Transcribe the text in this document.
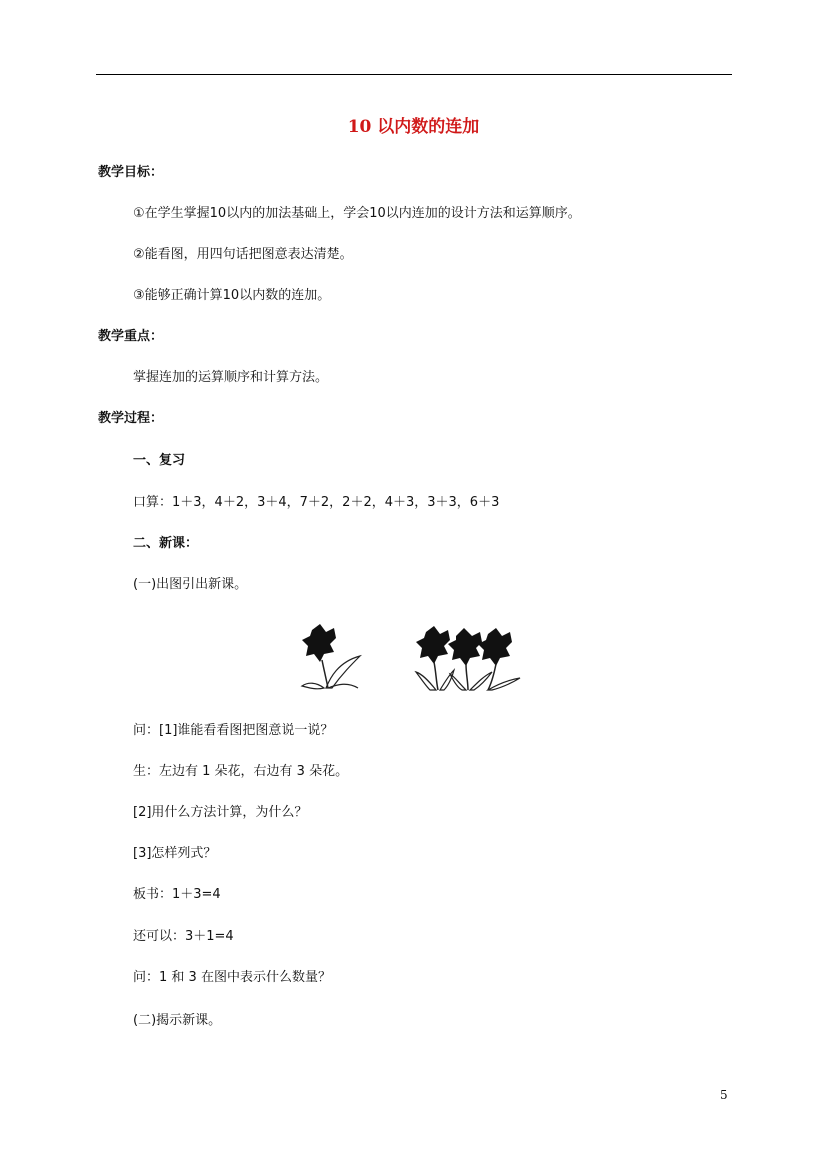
10 以内数的连加
教学目标：
①在学生掌握10以内的加法基础上，学会10以内连加的设计方法和运算顺序。
②能看图，用四句话把图意表达清楚。
③能够正确计算10以内数的连加。
教学重点：
掌握连加的运算顺序和计算方法。
教学过程：
一、复习
口算：1＋3，4＋2，3＋4，7＋2，2＋2，4＋3，3＋3，6＋3
二、新课：
(一)出图引出新课。
问：[1]谁能看看图把图意说一说？
生：左边有 1 朵花，右边有 3 朵花。
[2]用什么方法计算，为什么？
[3]怎样列式？
板书：1＋3=4
还可以：3＋1=4
问：1 和 3 在图中表示什么数量？
(二)揭示新课。
5
